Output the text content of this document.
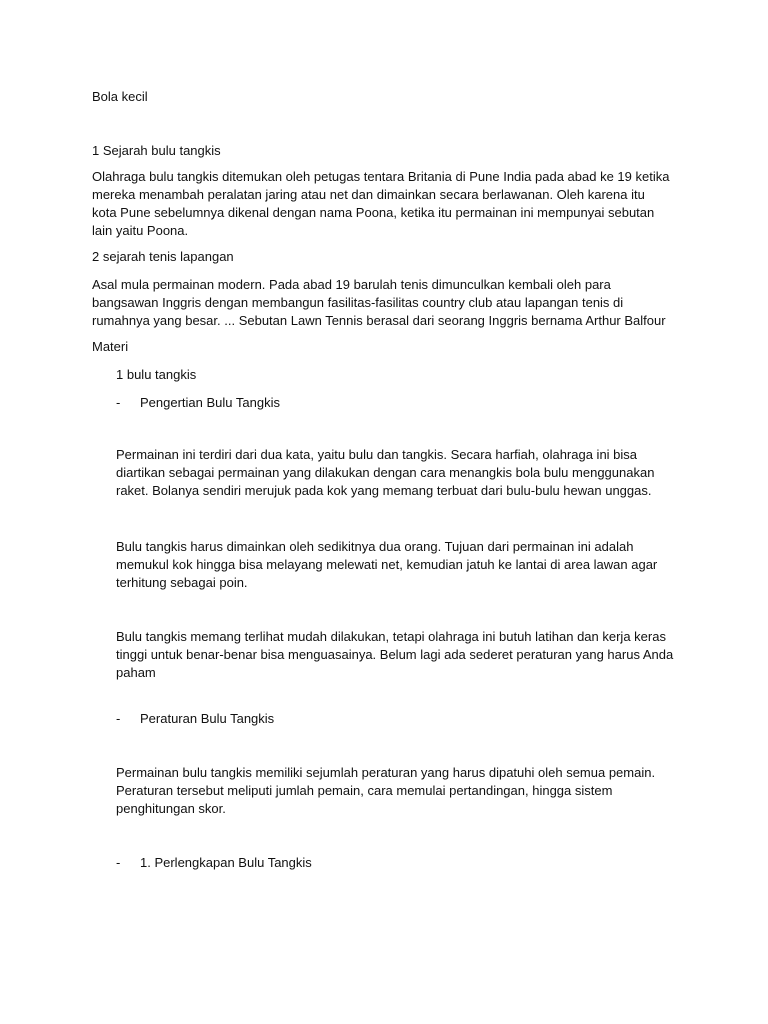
Bola kecil

1 Sejarah bulu tangkis

Olahraga bulu tangkis ditemukan oleh petugas tentara Britania di Pune India pada abad ke 19 ketika
mereka menambah peralatan jaring atau net dan dimainkan secara berlawanan. Oleh karena itu
kota Pune sebelumnya dikenal dengan nama Poona, ketika itu permainan ini mempunyai sebutan
lain yaitu Poona.

2 sejarah tenis lapangan

Asal mula permainan modern. Pada abad 19 barulah tenis dimunculkan kembali oleh para
bangsawan Inggris dengan membangun fasilitas-fasilitas country club atau lapangan tenis di
rumahnya yang besar. ... Sebutan Lawn Tennis berasal dari seorang Inggris bernama Arthur Balfour

Materi

1 bulu tangkis

- Pengertian Bulu Tangkis

Permainan ini terdiri dari dua kata, yaitu bulu dan tangkis. Secara harfiah, olahraga ini bisa
diartikan sebagai permainan yang dilakukan dengan cara menangkis bola bulu menggunakan
raket. Bolanya sendiri merujuk pada kok yang memang terbuat dari bulu-bulu hewan unggas.
Bulu tangkis harus dimainkan oleh sedikitnya dua orang. Tujuan dari permainan ini adalah
memukul kok hingga bisa melayang melewati net, kemudian jatuh ke lantai di area lawan agar
terhitung sebagai poin.
Bulu tangkis memang terlihat mudah dilakukan, tetapi olahraga ini butuh latihan dan kerja keras
tinggi untuk benar-benar bisa menguasainya. Belum lagi ada sederet peraturan yang harus Anda
paham
- Peraturan Bulu Tangkis

Permainan bulu tangkis memiliki sejumlah peraturan yang harus dipatuhi oleh semua pemain.
Peraturan tersebut meliputi jumlah pemain, cara memulai pertandingan, hingga sistem
penghitungan skor.
- 1. Perlengkapan Bulu Tangkis
